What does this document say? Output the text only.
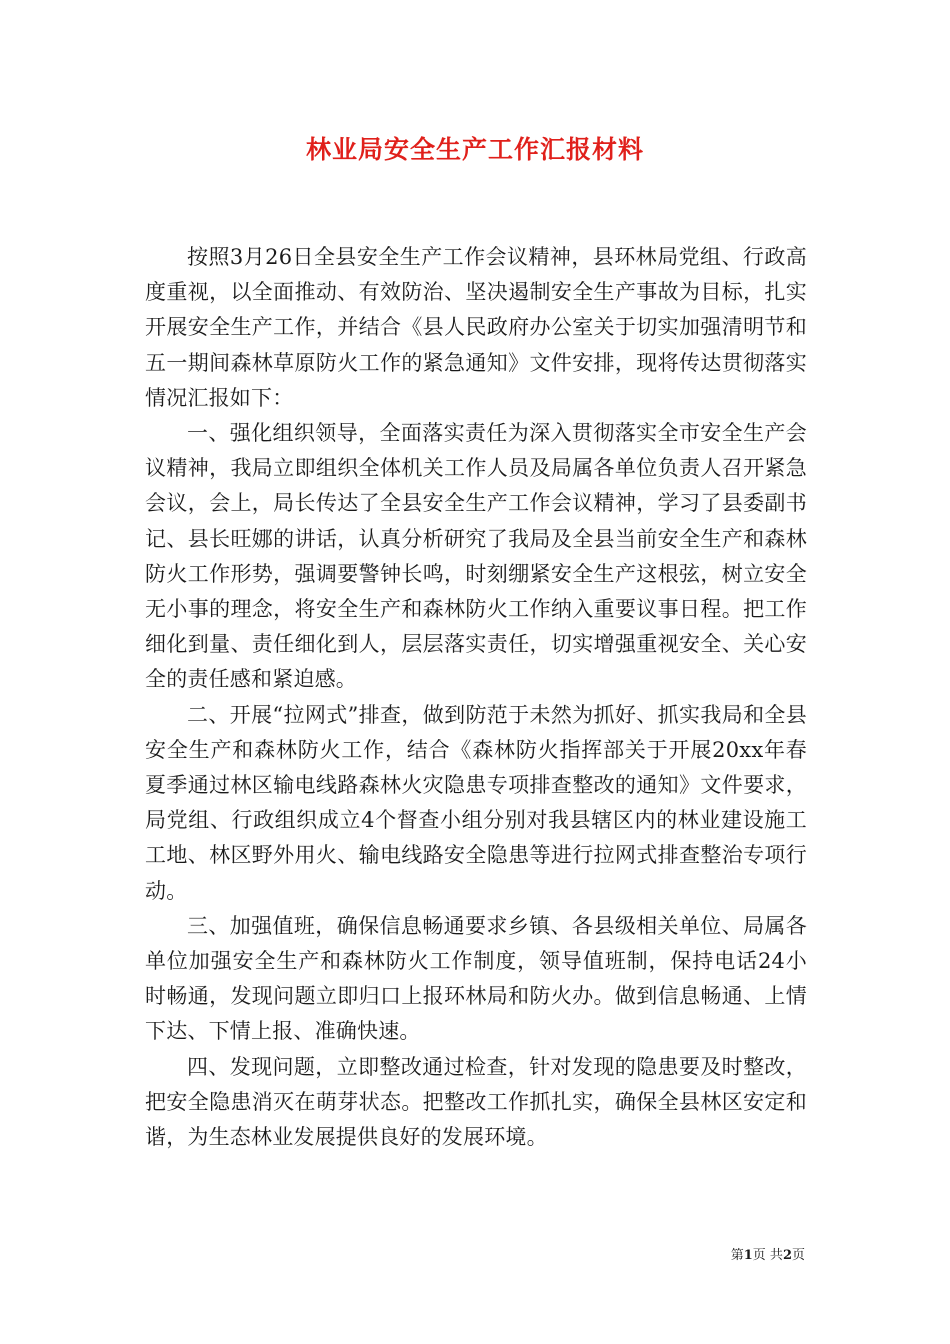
林业局安全生产工作汇报材料

按照3月26日全县安全生产工作会议精神，县环林局党组、行政高度重视，以全面推动、有效防治、坚决遏制安全生产事故为目标，扎实开展安全生产工作，并结合《县人民政府办公室关于切实加强清明节和五一期间森林草原防火工作的紧急通知》文件安排，现将传达贯彻落实情况汇报如下：

一、强化组织领导，全面落实责任为深入贯彻落实全市安全生产会议精神，我局立即组织全体机关工作人员及局属各单位负责人召开紧急会议，会上，局长传达了全县安全生产工作会议精神，学习了县委副书记、县长旺娜的讲话，认真分析研究了我局及全县当前安全生产和森林防火工作形势，强调要警钟长鸣，时刻绷紧安全生产这根弦，树立安全无小事的理念，将安全生产和森林防火工作纳入重要议事日程。把工作细化到量、责任细化到人，层层落实责任，切实增强重视安全、关心安全的责任感和紧迫感。

二、开展“拉网式”排查，做到防范于未然为抓好、抓实我局和全县安全生产和森林防火工作，结合《森林防火指挥部关于开展20xx年春夏季通过林区输电线路森林火灾隐患专项排查整改的通知》文件要求，局党组、行政组织成立4个督查小组分别对我县辖区内的林业建设施工工地、林区野外用火、输电线路安全隐患等进行拉网式排查整治专项行动。

三、加强值班，确保信息畅通要求乡镇、各县级相关单位、局属各单位加强安全生产和森林防火工作制度，领导值班制，保持电话24小时畅通，发现问题立即归口上报环林局和防火办。做到信息畅通、上情下达、下情上报、准确快速。

四、发现问题，立即整改通过检查，针对发现的隐患要及时整改，把安全隐患消灭在萌芽状态。把整改工作抓扎实，确保全县林区安定和谐，为生态林业发展提供良好的发展环境。

第1页 共2页
